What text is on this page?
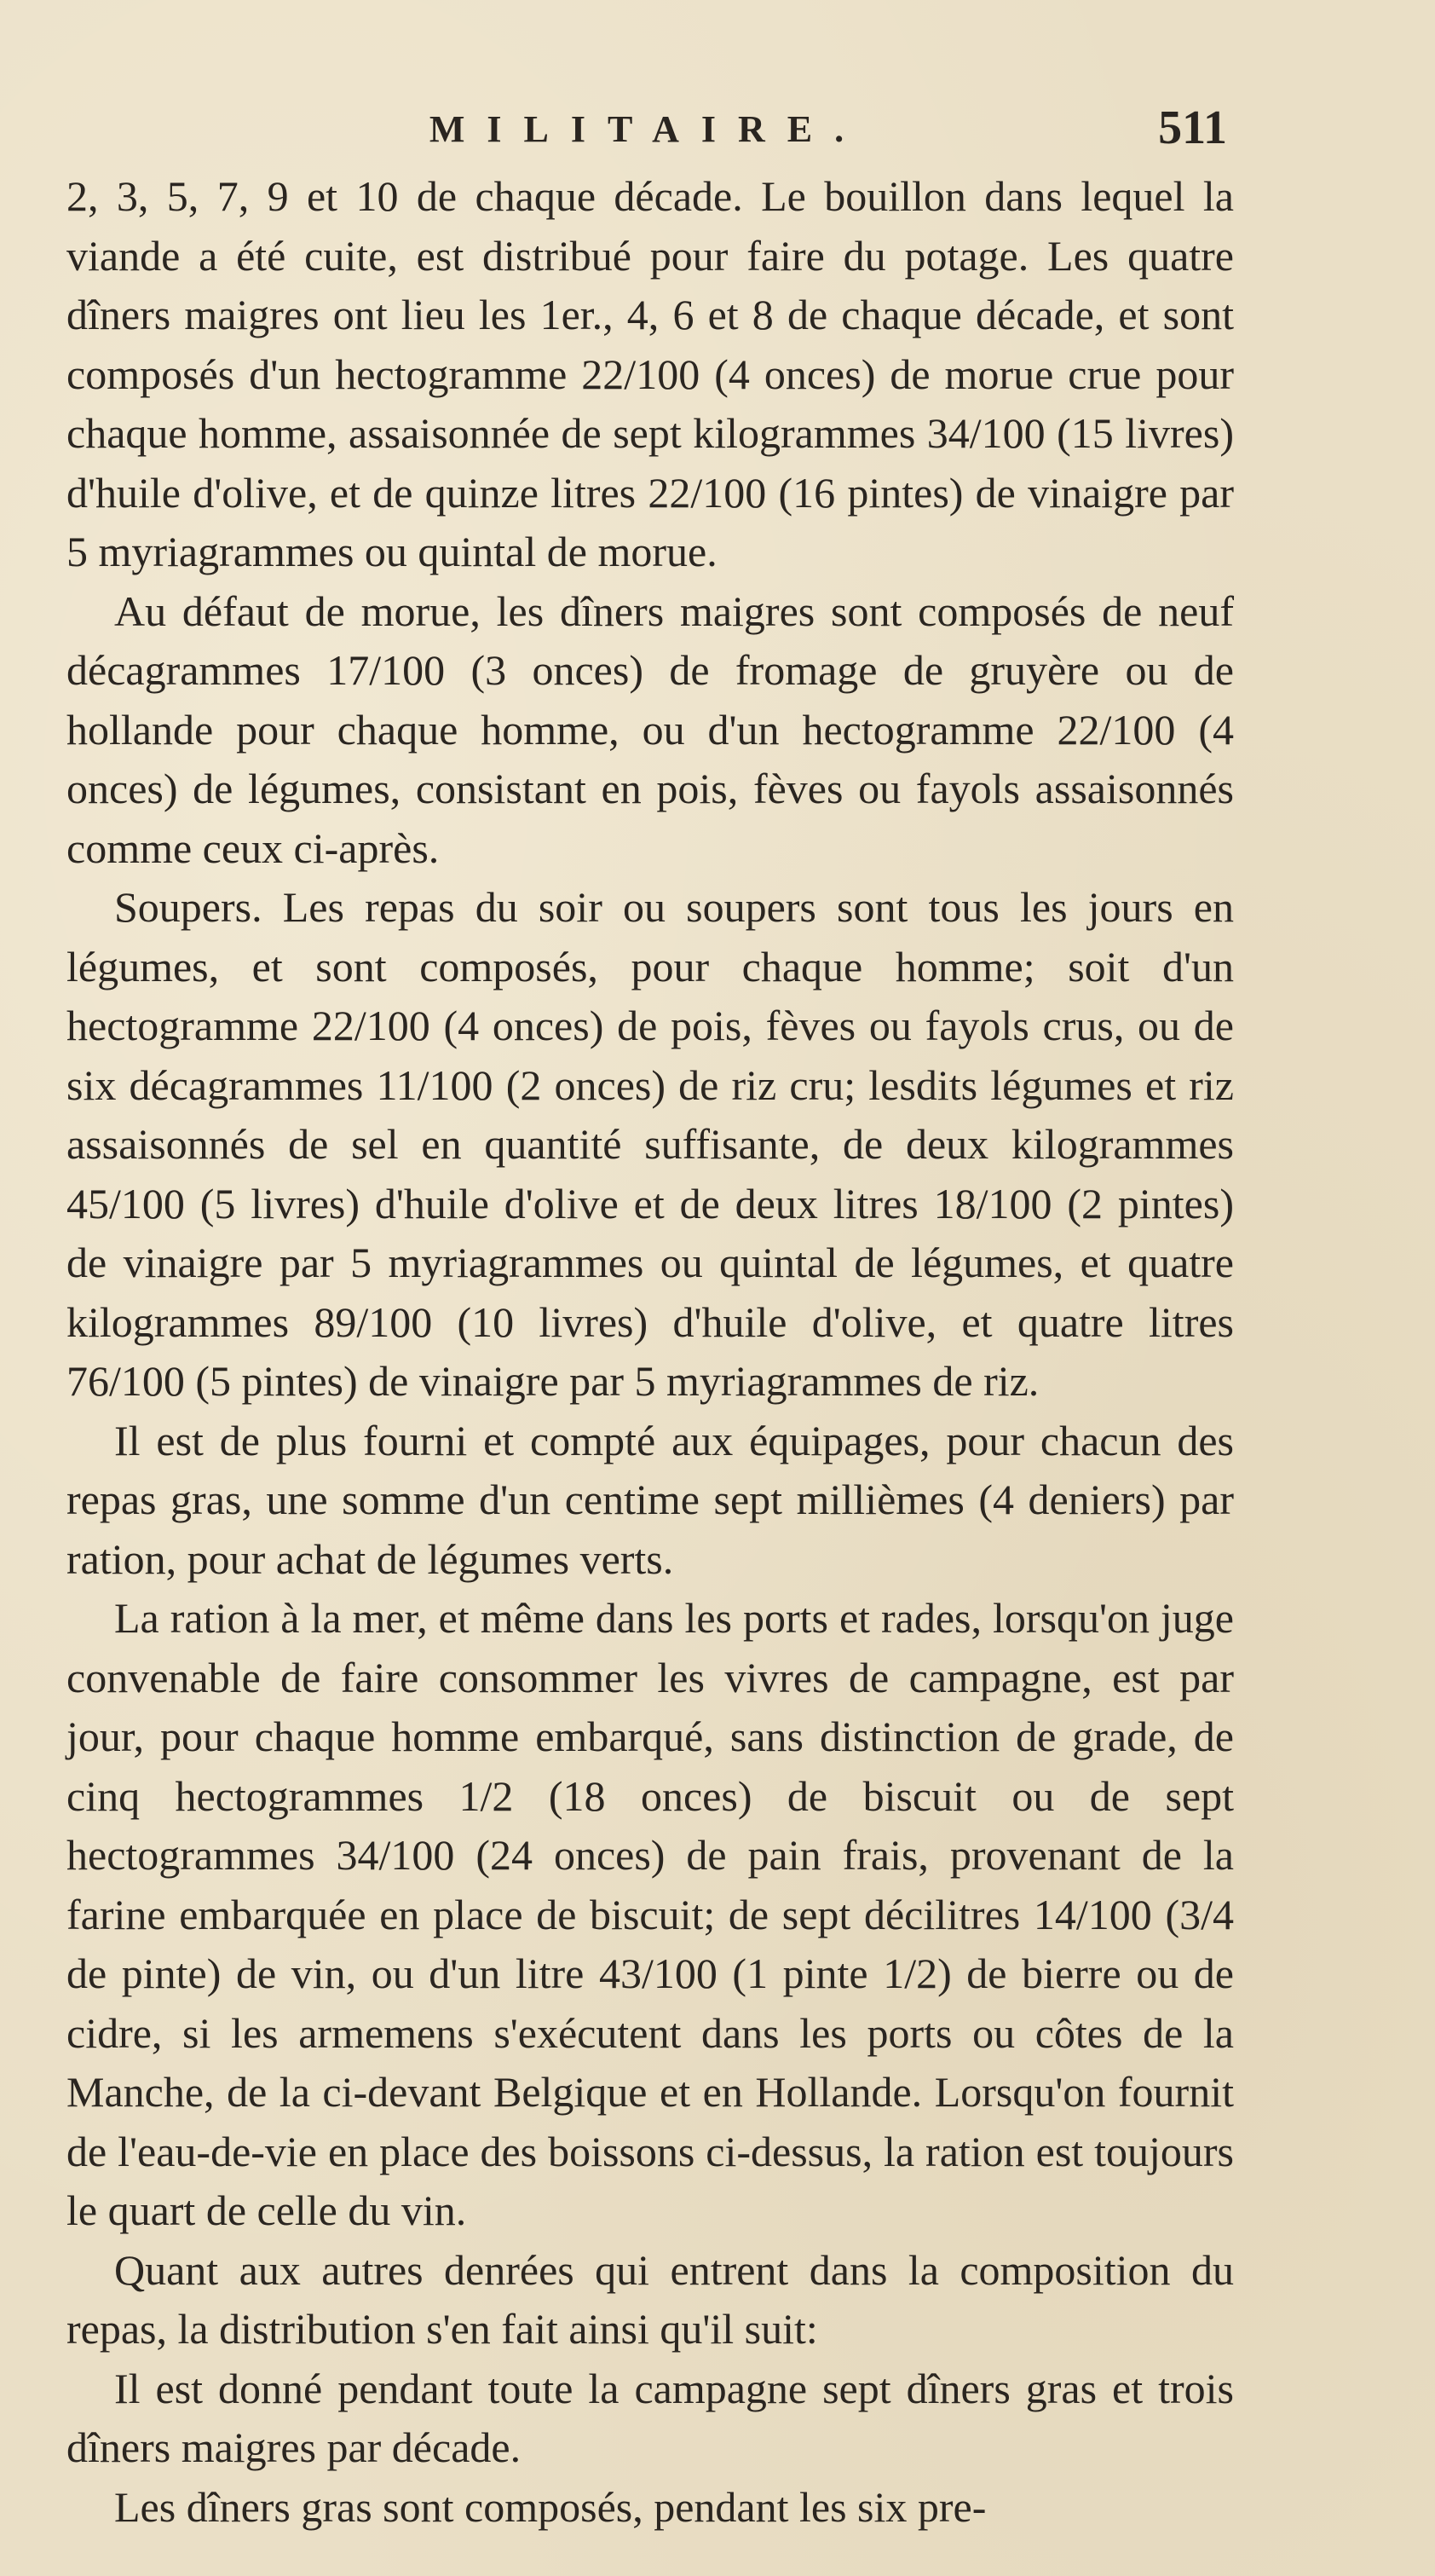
MILITAIRE.	511

2, 3, 5, 7, 9 et 10 de chaque décade. Le bouillon dans lequel la viande a été cuite, est distribué pour faire du potage. Les quatre dîners maigres ont lieu les 1er., 4, 6 et 8 de chaque décade, et sont composés d'un hectogramme 22/100 (4 onces) de morue crue pour chaque homme, assaisonnée de sept kilogrammes 34/100 (15 livres) d'huile d'olive, et de quinze litres 22/100 (16 pintes) de vinaigre par 5 myriagrammes ou quintal de morue.

Au défaut de morue, les dîners maigres sont composés de neuf décagrammes 17/100 (3 onces) de fromage de gruyère ou de hollande pour chaque homme, ou d'un hectogramme 22/100 (4 onces) de légumes, consistant en pois, fèves ou fayols assaisonnés comme ceux ci-après.

Soupers. Les repas du soir ou soupers sont tous les jours en légumes, et sont composés, pour chaque homme; soit d'un hectogramme 22/100 (4 onces) de pois, fèves ou fayols crus, ou de six décagrammes 11/100 (2 onces) de riz cru; lesdits légumes et riz assaisonnés de sel en quantité suffisante, de deux kilogrammes 45/100 (5 livres) d'huile d'olive et de deux litres 18/100 (2 pintes) de vinaigre par 5 myriagrammes ou quintal de légumes, et quatre kilogrammes 89/100 (10 livres) d'huile d'olive, et quatre litres 76/100 (5 pintes) de vinaigre par 5 myriagrammes de riz.

Il est de plus fourni et compté aux équipages, pour chacun des repas gras, une somme d'un centime sept millièmes (4 deniers) par ration, pour achat de légumes verts.

La ration à la mer, et même dans les ports et rades, lorsqu'on juge convenable de faire consommer les vivres de campagne, est par jour, pour chaque homme embarqué, sans distinction de grade, de cinq hectogrammes 1/2 (18 onces) de biscuit ou de sept hectogrammes 34/100 (24 onces) de pain frais, provenant de la farine embarquée en place de biscuit; de sept décilitres 14/100 (3/4 de pinte) de vin, ou d'un litre 43/100 (1 pinte 1/2) de bierre ou de cidre, si les armemens s'exécutent dans les ports ou côtes de la Manche, de la ci-devant Belgique et en Hollande. Lorsqu'on fournit de l'eau-de-vie en place des boissons ci-dessus, la ration est toujours le quart de celle du vin.

Quant aux autres denrées qui entrent dans la composition du repas, la distribution s'en fait ainsi qu'il suit:

Il est donné pendant toute la campagne sept dîners gras et trois dîners maigres par décade.

Les dîners gras sont composés, pendant les six pre-
